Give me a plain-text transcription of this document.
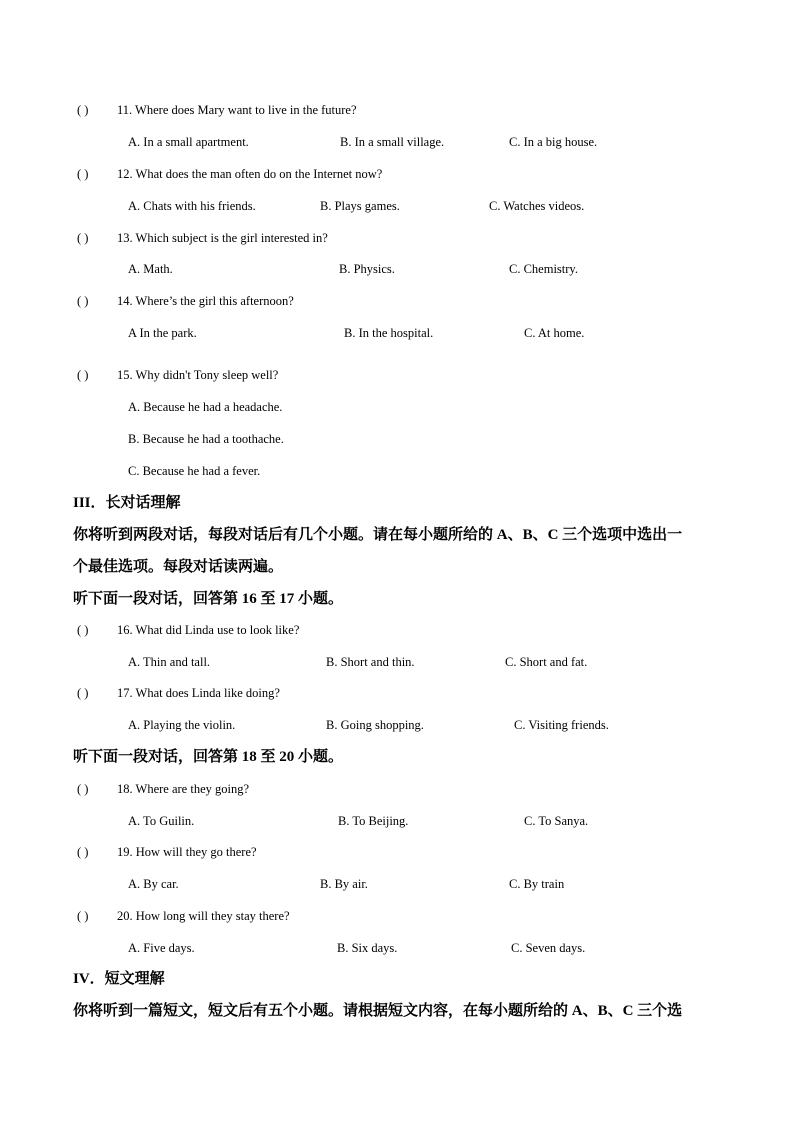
( ) 11. Where does Mary want to live in the future?
A. In a small apartment.	B. In a small village.	C. In a big house.
( ) 12. What does the man often do on the Internet now?
A. Chats with his friends.	B. Plays games.	C. Watches videos.
( ) 13. Which subject is the girl interested in?
A. Math.	B. Physics.	C. Chemistry.
( ) 14. Where’s the girl this afternoon?
A In the park.	B. In the hospital.	C. At home.
( ) 15. Why didn't Tony sleep well?
A. Because he had a headache.
B. Because he had a toothache.
C. Because he had a fever.
III．长对话理解
你将听到两段对话，每段对话后有几个小题。请在每小题所给的 A、B、C 三个选项中选出一
个最佳选项。每段对话读两遍。
听下面一段对话，回答第 16 至 17 小题。
( ) 16. What did Linda use to look like?
A. Thin and tall.	B. Short and thin.	C. Short and fat.
( ) 17. What does Linda like doing?
A. Playing the violin.	B. Going shopping.	C. Visiting friends.
听下面一段对话，回答第 18 至 20 小题。
( ) 18. Where are they going?
A. To Guilin.	B. To Beijing.	C. To Sanya.
( ) 19. How will they go there?
A. By car.	B. By air.	C. By train
( ) 20. How long will they stay there?
A. Five days.	B. Six days.	C. Seven days.
IV．短文理解
你将听到一篇短文，短文后有五个小题。请根据短文内容，在每小题所给的 A、B、C 三个选
